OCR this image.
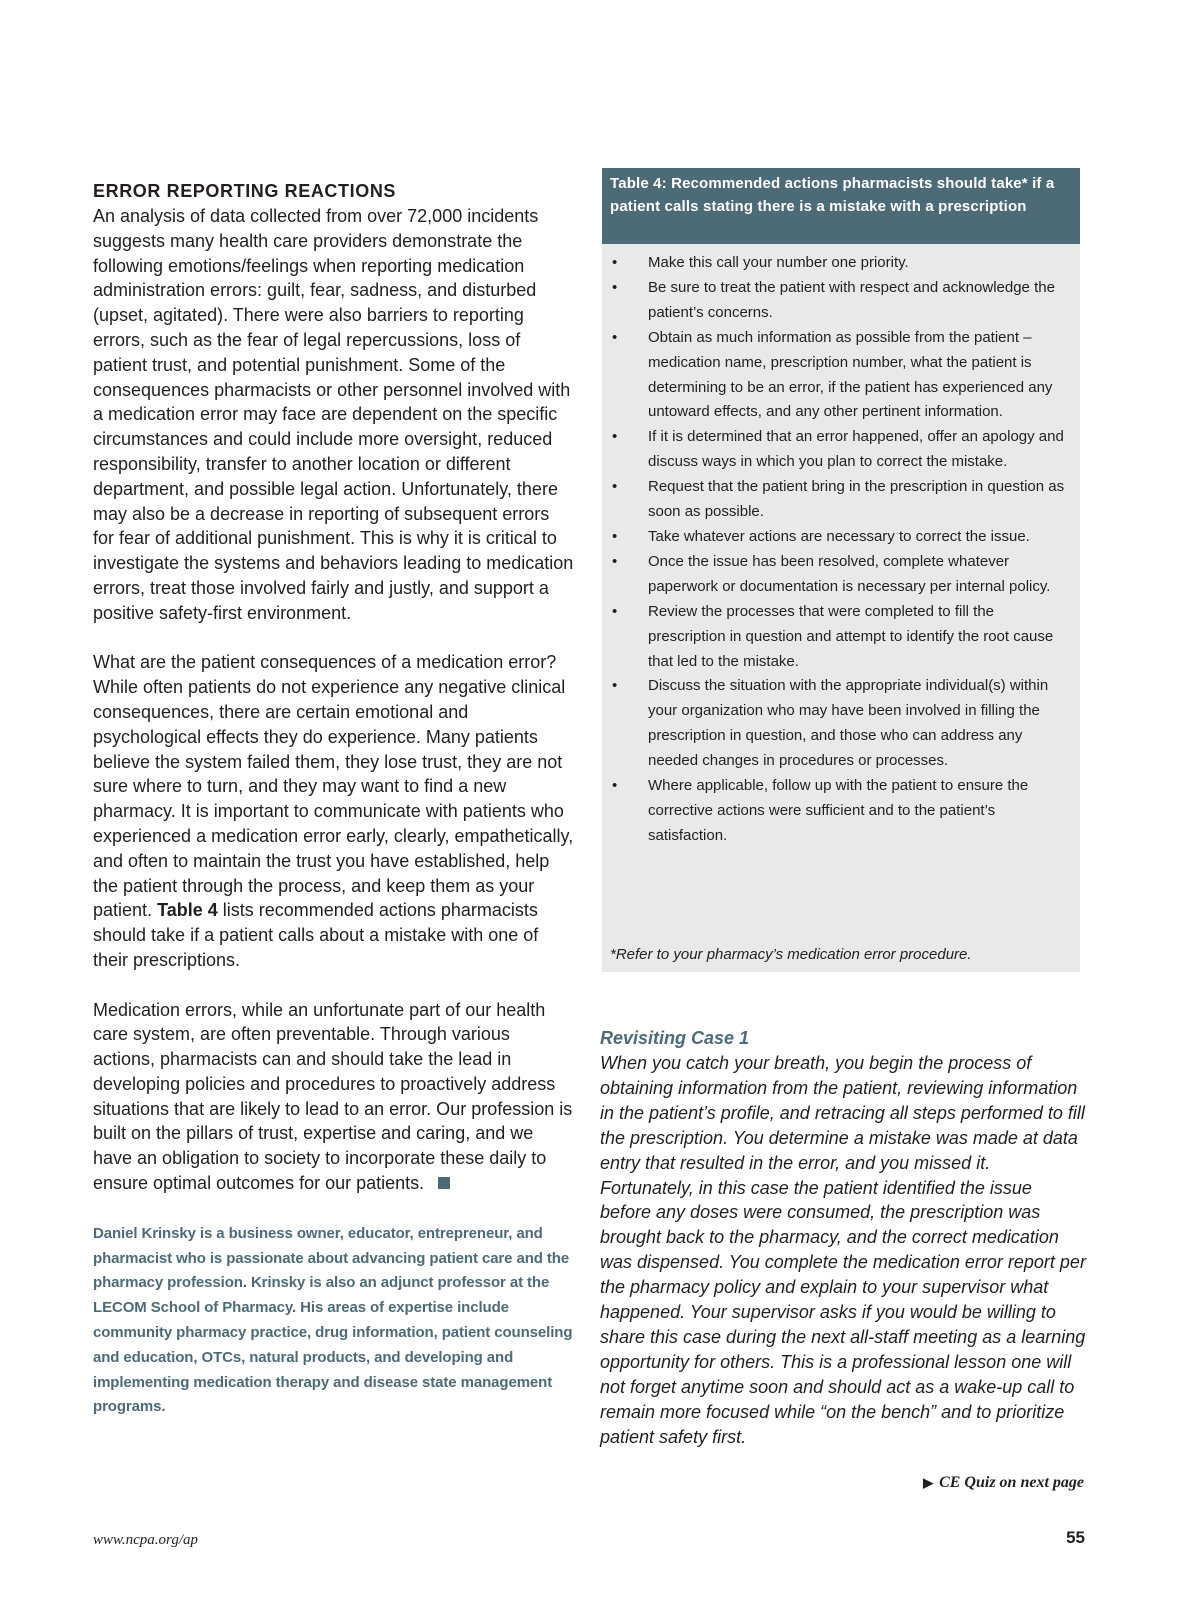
ERROR REPORTING REACTIONS

An analysis of data collected from over 72,000 incidents suggests many health care providers demonstrate the following emotions/feelings when reporting medication administration errors: guilt, fear, sadness, and disturbed (upset, agitated). There were also barriers to reporting errors, such as the fear of legal repercussions, loss of patient trust, and potential punishment. Some of the consequences pharmacists or other personnel involved with a medication error may face are dependent on the specific circumstances and could include more oversight, reduced responsibility, transfer to another location or different department, and possible legal action. Unfortunately, there may also be a decrease in reporting of subsequent errors for fear of additional punishment. This is why it is critical to investigate the systems and behaviors leading to medication errors, treat those involved fairly and justly, and support a positive safety-first environment.

What are the patient consequences of a medication error? While often patients do not experience any negative clinical consequences, there are certain emotional and psychological effects they do experience. Many patients believe the system failed them, they lose trust, they are not sure where to turn, and they may want to find a new pharmacy. It is important to communicate with patients who experienced a medication error early, clearly, empathetically, and often to maintain the trust you have established, help the patient through the process, and keep them as your patient. Table 4 lists recommended actions pharmacists should take if a patient calls about a mistake with one of their prescriptions.

Medication errors, while an unfortunate part of our health care system, are often preventable. Through various actions, pharmacists can and should take the lead in developing policies and procedures to proactively address situations that are likely to lead to an error. Our profession is built on the pillars of trust, expertise and caring, and we have an obligation to society to incorporate these daily to ensure optimal outcomes for our patients.

Daniel Krinsky is a business owner, educator, entrepreneur, and pharmacist who is passionate about advancing patient care and the pharmacy profession. Krinsky is also an adjunct professor at the LECOM School of Pharmacy. His areas of expertise include community pharmacy practice, drug information, patient counseling and education, OTCs, natural products, and developing and implementing medication therapy and disease state management programs.

Table 4: Recommended actions pharmacists should take* if a patient calls stating there is a mistake with a prescription
• Make this call your number one priority.
• Be sure to treat the patient with respect and acknowledge the patient’s concerns.
• Obtain as much information as possible from the patient – medication name, prescription number, what the patient is determining to be an error, if the patient has experienced any untoward effects, and any other pertinent information.
• If it is determined that an error happened, offer an apology and discuss ways in which you plan to correct the mistake.
• Request that the patient bring in the prescription in question as soon as possible.
• Take whatever actions are necessary to correct the issue.
• Once the issue has been resolved, complete whatever paperwork or documentation is necessary per internal policy.
• Review the processes that were completed to fill the prescription in question and attempt to identify the root cause that led to the mistake.
• Discuss the situation with the appropriate individual(s) within your organization who may have been involved in filling the prescription in question, and those who can address any needed changes in procedures or processes.
• Where applicable, follow up with the patient to ensure the corrective actions were sufficient and to the patient’s satisfaction.
*Refer to your pharmacy’s medication error procedure.
Revisiting Case 1

When you catch your breath, you begin the process of obtaining information from the patient, reviewing information in the patient’s profile, and retracing all steps performed to fill the prescription. You determine a mistake was made at data entry that resulted in the error, and you missed it. Fortunately, in this case the patient identified the issue before any doses were consumed, the prescription was brought back to the pharmacy, and the correct medication was dispensed. You complete the medication error report per the pharmacy policy and explain to your supervisor what happened. Your supervisor asks if you would be willing to share this case during the next all-staff meeting as a learning opportunity for others. This is a professional lesson one will not forget anytime soon and should act as a wake-up call to remain more focused while “on the bench” and to prioritize patient safety first.

▶ CE Quiz on next page
www.ncpa.org/ap	55
